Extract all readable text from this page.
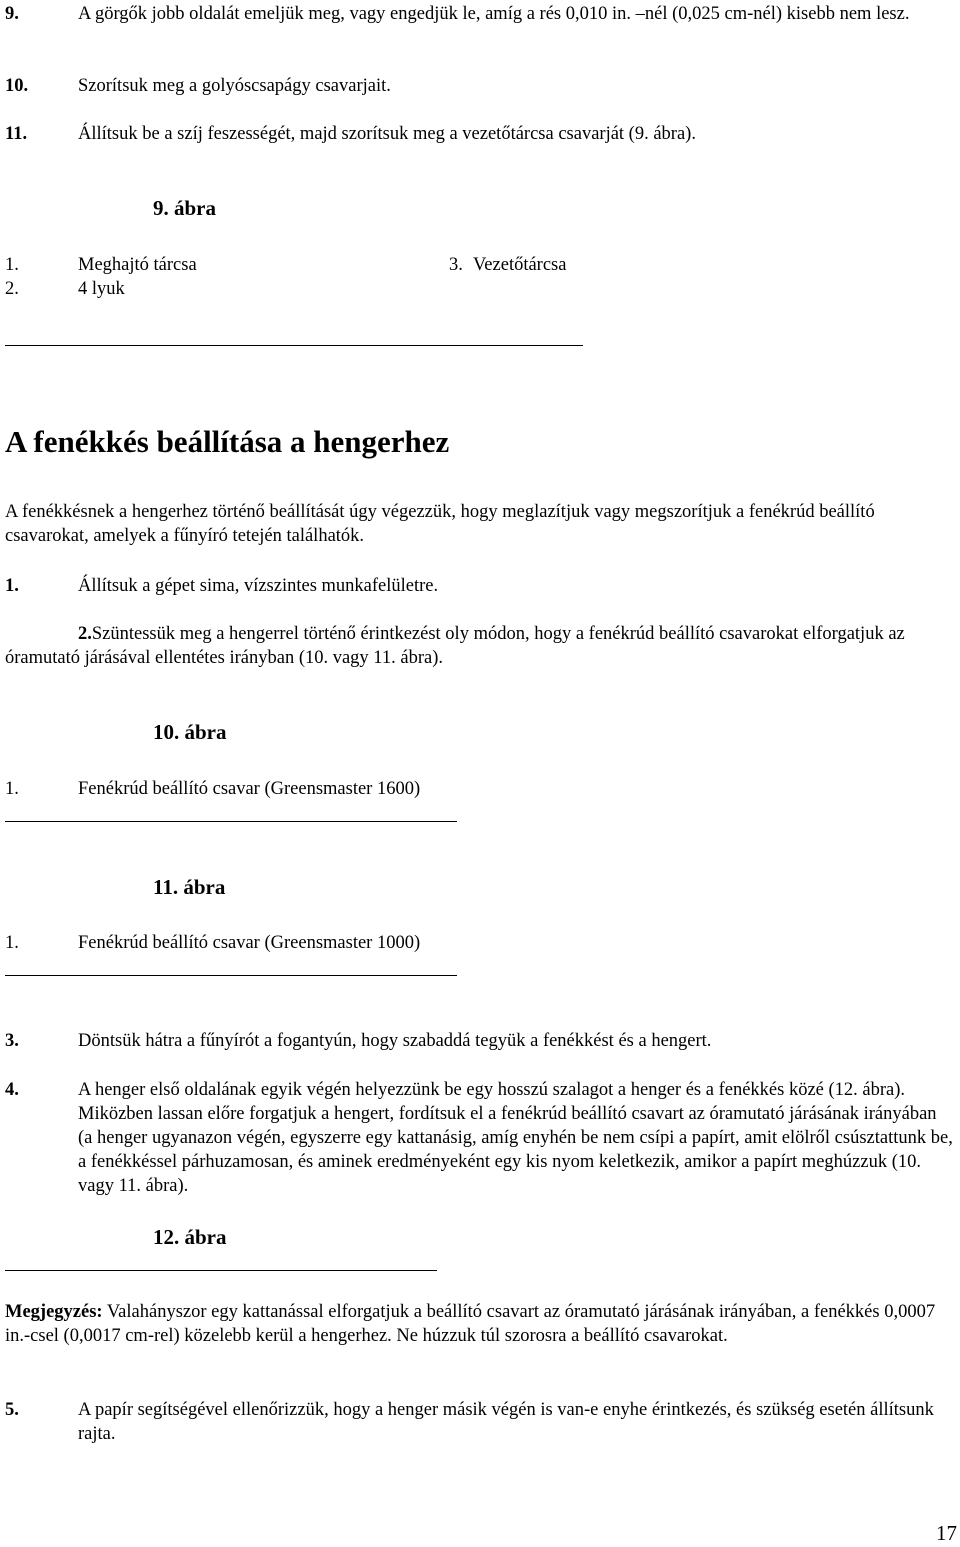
9.	A görgők jobb oldalát emeljük meg, vagy engedjük le, amíg a rés 0,010 in. –nél (0,025 cm-nél) kisebb nem lesz.
10.	Szorítsuk meg a golyóscsapágy csavarjait.
11.	Állítsuk be a szíj feszességét, majd szorítsuk meg a vezetőtárcsa csavarját (9. ábra).
9. ábra
1.	Meghajtó tárcsa	3. Vezetőtárcsa
2.	4 lyuk
A fenékkés beállítása a hengerhez
A fenékkésnek a hengerhez történő beállítását úgy végezzük, hogy meglazítjuk vagy megszorítjuk a fenékrúd beállító csavarokat, amelyek a fűnyíró tetején találhatók.
1.	Állítsuk a gépet sima, vízszintes munkafelületre.
2.Szüntessük meg a hengerrel történő érintkezést oly módon, hogy a fenékrúd beállító csavarokat elforgatjuk az óramutató járásával ellentétes irányban (10. vagy 11. ábra).
10. ábra
1.	Fenékrúd beállító csavar (Greensmaster 1600)
11. ábra
1.	Fenékrúd beállító csavar (Greensmaster 1000)
3.	Döntsük hátra a fűnyírót a fogantyún, hogy szabaddá tegyük a fenékkést és a hengert.
4.	A henger első oldalának egyik végén helyezzünk be egy hosszú szalagot a henger és a fenékkés közé (12. ábra). Miközben lassan előre forgatjuk a hengert, fordítsuk el a fenékrúd beállító csavart az óramutató járásának irányában (a henger ugyanazon végén, egyszerre egy kattanásig, amíg enyhén be nem csípi a papírt, amit elölről csúsztattunk be, a fenékkéssel párhuzamosan, és aminek eredményeként egy kis nyom keletkezik, amikor a papírt meghúzzuk (10. vagy 11. ábra).
12. ábra
Megjegyzés: Valahányszor egy kattanással elforgatjuk a beállító csavart az óramutató járásának irányában, a fenékkés 0,0007 in.-csel (0,0017 cm-rel) közelebb kerül a hengerhez. Ne húzzuk túl szorosra a beállító csavarokat.
5.	A papír segítségével ellenőrizzük, hogy a henger másik végén is van-e enyhe érintkezés, és szükség esetén állítsunk rajta.
17
